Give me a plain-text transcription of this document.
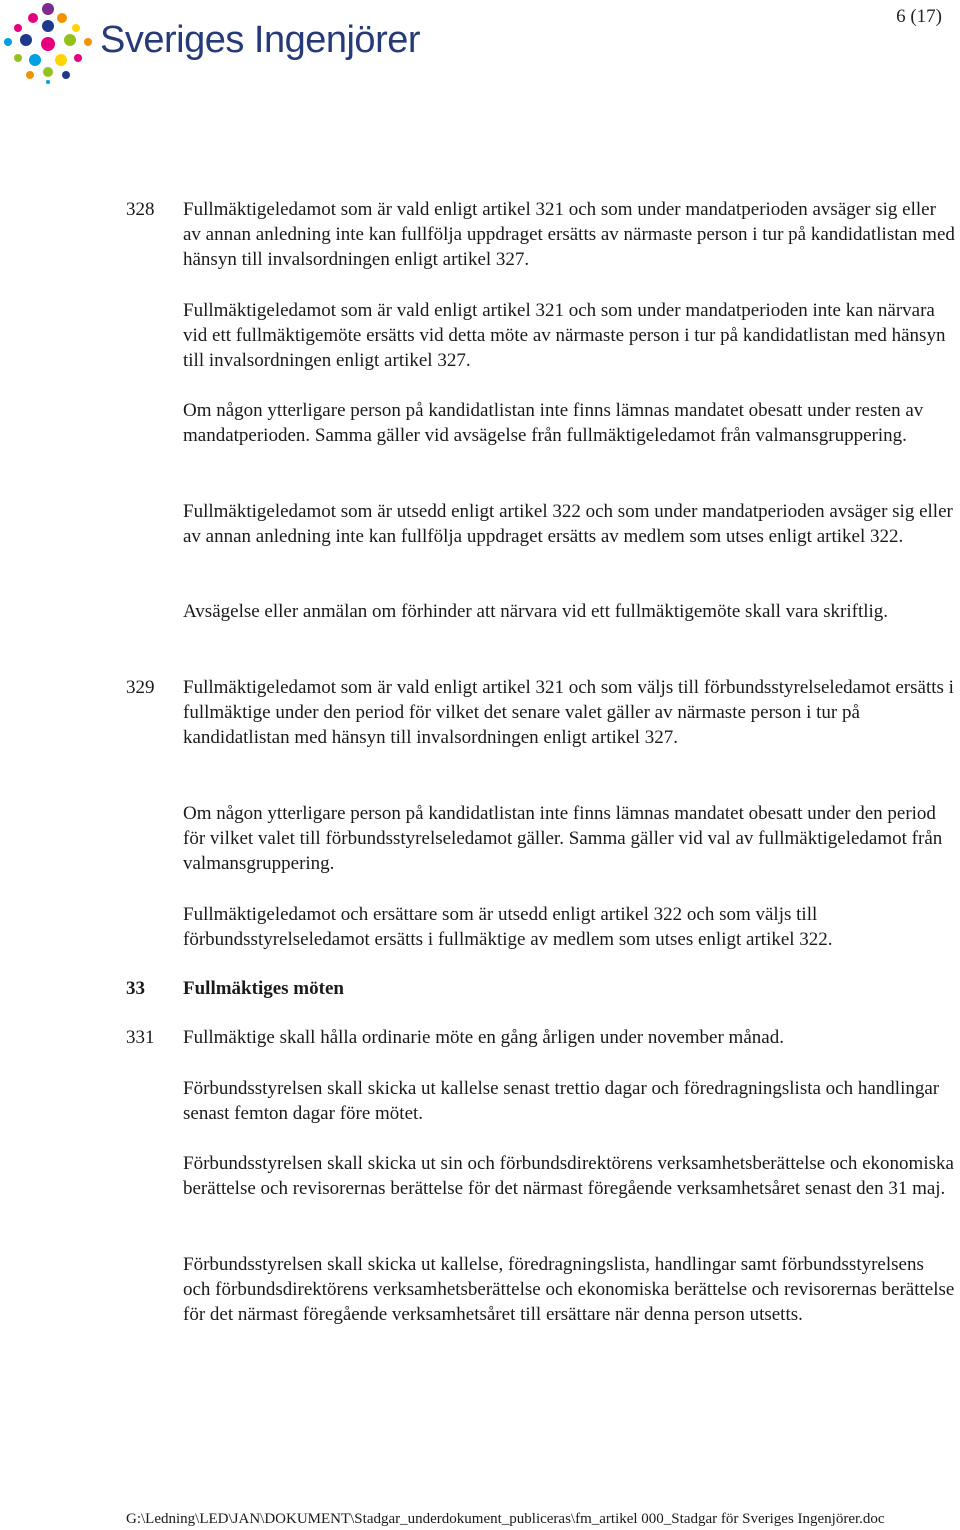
Sveriges Ingenjörer
6 (17)
328	Fullmäktigeledamot som är vald enligt artikel 321 och som under mandatperioden avsäger sig eller av annan anledning inte kan fullfölja uppdraget ersätts av närmaste person i tur på kandidatlistan med hänsyn till invalsordningen enligt artikel 327.

Fullmäktigeledamot som är vald enligt artikel 321 och som under mandatperioden inte kan närvara vid ett fullmäktigemöte ersätts vid detta möte av närmaste person i tur på kandidatlistan med hänsyn till invalsordningen enligt artikel 327.

Om någon ytterligare person på kandidatlistan inte finns lämnas mandatet obesatt under resten av mandatperioden. Samma gäller vid avsägelse från fullmäktigeledamot från valmansgruppering.

Fullmäktigeledamot som är utsedd enligt artikel 322 och som under mandatperioden avsäger sig eller av annan anledning inte kan fullfölja uppdraget ersätts av medlem som utses enligt artikel 322.

Avsägelse eller anmälan om förhinder att närvara vid ett fullmäktigemöte skall vara skriftlig.

329	Fullmäktigeledamot som är vald enligt artikel 321 och som väljs till förbundsstyrelseledamot ersätts i fullmäktige under den period för vilket det senare valet gäller av närmaste person i tur på kandidatlistan med hänsyn till invalsordningen enligt artikel 327.

Om någon ytterligare person på kandidatlistan inte finns lämnas mandatet obesatt under den period för vilket valet till förbundsstyrelseledamot gäller. Samma gäller vid val av fullmäktigeledamot från valmansgruppering.

Fullmäktigeledamot och ersättare som är utsedd enligt artikel 322 och som väljs till förbundsstyrelseledamot ersätts i fullmäktige av medlem som utses enligt artikel 322.

33 Fullmäktiges möten
331	Fullmäktige skall hålla ordinarie möte en gång årligen under november månad.

Förbundsstyrelsen skall skicka ut kallelse senast trettio dagar och föredragningslista och handlingar senast femton dagar före mötet.

Förbundsstyrelsen skall skicka ut sin och förbundsdirektörens verksamhetsberättelse och ekonomiska berättelse och revisorernas berättelse för det närmast föregående verksamhetsåret senast den 31 maj.

Förbundsstyrelsen skall skicka ut kallelse, föredragningslista, handlingar samt förbundsstyrelsens och förbundsdirektörens verksamhetsberättelse och ekonomiska berättelse och revisorernas berättelse för det närmast föregående verksamhetsåret till ersättare när denna person utsetts.

G:\Ledning\LED\JAN\DOKUMENT\Stadgar_underdokument_publiceras\fm_artikel 000_Stadgar för Sveriges Ingenjörer.doc
